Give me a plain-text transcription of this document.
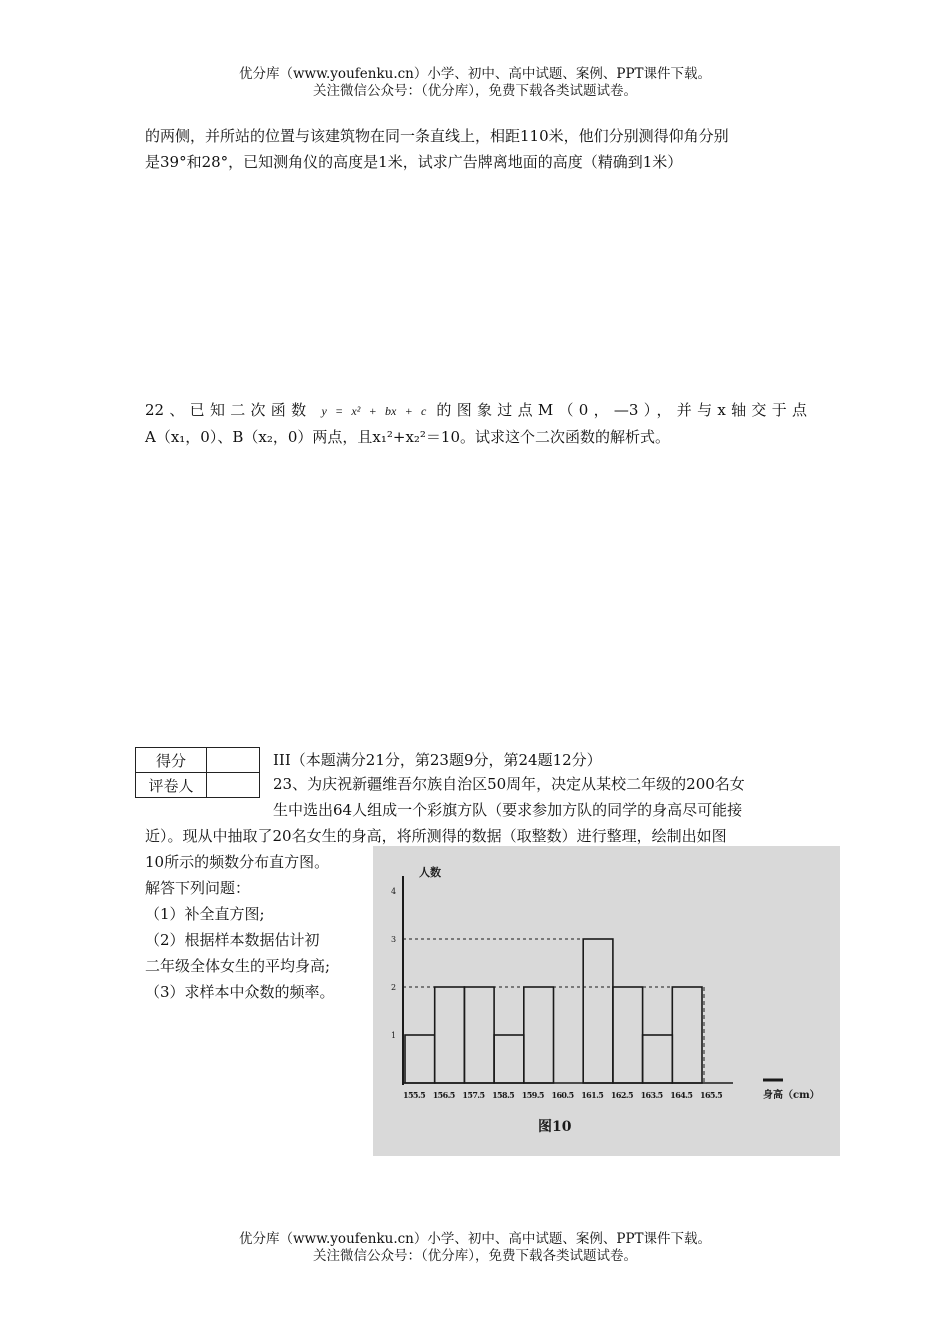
优分库（www.youfenku.cn）小学、初中、高中试题、案例、PPT课件下载。
关注微信公众号：（优分库），免费下载各类试题试卷。
的两侧，并所站的位置与该建筑物在同一条直线上，相距110米，他们分别测得仰角分别
是39°和28°，已知测角仪的高度是1米，试求广告牌离地面的高度（精确到1米）
22、已知二次函数 y = x² + bx + c 的图象过点M（0，—3），并与x轴交于点
A（x₁，0）、B（x₂，0）两点，且x₁²+x₂²＝10。试求这个二次函数的解析式。
得分	
评卷人	
III（本题满分21分，第23题9分，第24题12分）
23、为庆祝新疆维吾尔族自治区50周年，决定从某校二年级的200名女
生中选出64人组成一个彩旗方队（要求参加方队的同学的身高尽可能接
近）。现从中抽取了20名女生的身高，将所测得的数据（取整数）进行整理，绘制出如图
10所示的频数分布直方图。
解答下列问题：
（1）补全直方图;
（2）根据样本数据估计初
二年级全体女生的平均身高;
（3）求样本中众数的频率。
人数
1
2
3
4
155.5 156.5 157.5 158.5 159.5 160.5 161.5 162.5 163.5 164.5 165.5	身高（cm）
图10
优分库（www.youfenku.cn）小学、初中、高中试题、案例、PPT课件下载。
关注微信公众号：（优分库），免费下载各类试题试卷。
